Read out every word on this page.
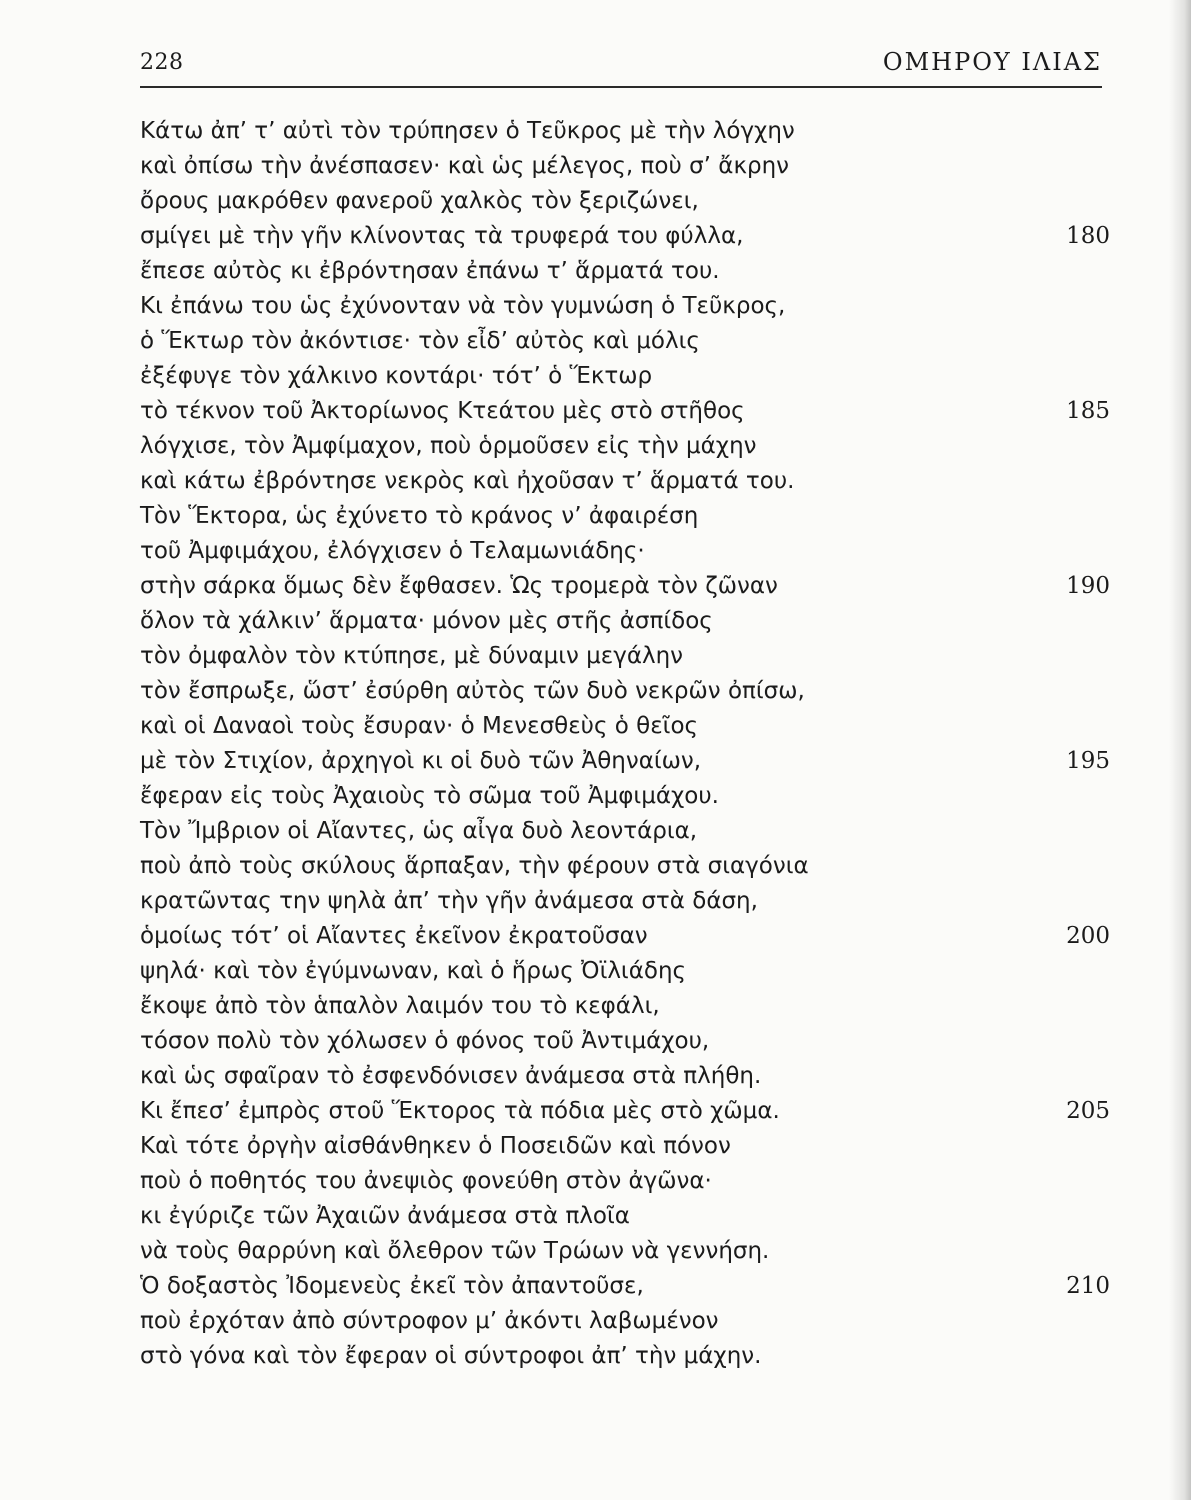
228	ΟΜΗΡΟΥ ΙΛΙΑΣ
Κάτω ἀπ’ τ’ αὐτὶ τὸν τρύπησεν ὁ Τεῦκρος μὲ τὴν λόγχην
καὶ ὀπίσω τὴν ἀνέσπασεν· καὶ ὡς μέλεγος, ποὺ σ’ ἄκρην
ὄρους μακρόθεν φανεροῦ χαλκὸς τὸν ξεριζώνει,
σμίγει μὲ τὴν γῆν κλίνοντας τὰ τρυφερά του φύλλα,	180
ἔπεσε αὐτὸς κι ἐβρόντησαν ἐπάνω τ’ ἅρματά του.
Κι ἐπάνω του ὡς ἐχύνονταν νὰ τὸν γυμνώση ὁ Τεῦκρος,
ὁ Ἕκτωρ τὸν ἀκόντισε· τὸν εἶδ’ αὐτὸς καὶ μόλις
ἐξέφυγε τὸν χάλκινο κοντάρι· τότ’ ὁ Ἕκτωρ
τὸ τέκνον τοῦ Ἀκτορίωνος Κτεάτου μὲς στὸ στῆθος	185
λόγχισε, τὸν Ἀμφίμαχον, ποὺ ὁρμοῦσεν εἰς τὴν μάχην
καὶ κάτω ἐβρόντησε νεκρὸς καὶ ἠχοῦσαν τ’ ἅρματά του.
Τὸν Ἕκτορα, ὡς ἐχύνετο τὸ κράνος ν’ ἀφαιρέση
τοῦ Ἀμφιμάχου, ἐλόγχισεν ὁ Τελαμωνιάδης·
στὴν σάρκα ὅμως δὲν ἔφθασεν. Ὡς τρομερὰ τὸν ζῶναν	190
ὅλον τὰ χάλκιν’ ἅρματα· μόνον μὲς στῆς ἀσπίδος
τὸν ὀμφαλὸν τὸν κτύπησε, μὲ δύναμιν μεγάλην
τὸν ἔσπρωξε, ὥστ’ ἐσύρθη αὐτὸς τῶν δυὸ νεκρῶν ὀπίσω,
καὶ οἱ Δαναοὶ τοὺς ἔσυραν· ὁ Μενεσθεὺς ὁ θεῖος
μὲ τὸν Στιχίον, ἀρχηγοὶ κι οἱ δυὸ τῶν Ἀθηναίων,	195
ἔφεραν εἰς τοὺς Ἀχαιοὺς τὸ σῶμα τοῦ Ἀμφιμάχου.
Τὸν Ἴμβριον οἱ Αἴαντες, ὡς αἶγα δυὸ λεοντάρια,
ποὺ ἀπὸ τοὺς σκύλους ἅρπαξαν, τὴν φέρουν στὰ σιαγόνια
κρατῶντας την ψηλὰ ἀπ’ τὴν γῆν ἀνάμεσα στὰ δάση,
ὁμοίως τότ’ οἱ Αἴαντες ἐκεῖνον ἐκρατοῦσαν	200
ψηλά· καὶ τὸν ἐγύμνωναν, καὶ ὁ ἥρως Ὀϊλιάδης
ἔκοψε ἀπὸ τὸν ἁπαλὸν λαιμόν του τὸ κεφάλι,
τόσον πολὺ τὸν χόλωσεν ὁ φόνος τοῦ Ἀντιμάχου,
καὶ ὡς σφαῖραν τὸ ἐσφενδόνισεν ἀνάμεσα στὰ πλήθη.
Κι ἔπεσ’ ἐμπρὸς στοῦ Ἕκτορος τὰ πόδια μὲς στὸ χῶμα.	205
Καὶ τότε ὀργὴν αἰσθάνθηκεν ὁ Ποσειδῶν καὶ πόνον
ποὺ ὁ ποθητός του ἀνεψιὸς φονεύθη στὸν ἀγῶνα·
κι ἐγύριζε τῶν Ἀχαιῶν ἀνάμεσα στὰ πλοῖα
νὰ τοὺς θαρρύνη καὶ ὄλεθρον τῶν Τρώων νὰ γεννήση.
Ὁ δοξαστὸς Ἰδομενεὺς ἐκεῖ τὸν ἀπαντοῦσε,	210
ποὺ ἐρχόταν ἀπὸ σύντροφον μ’ ἀκόντι λαβωμένον
στὸ γόνα καὶ τὸν ἔφεραν οἱ σύντροφοι ἀπ’ τὴν μάχην.
